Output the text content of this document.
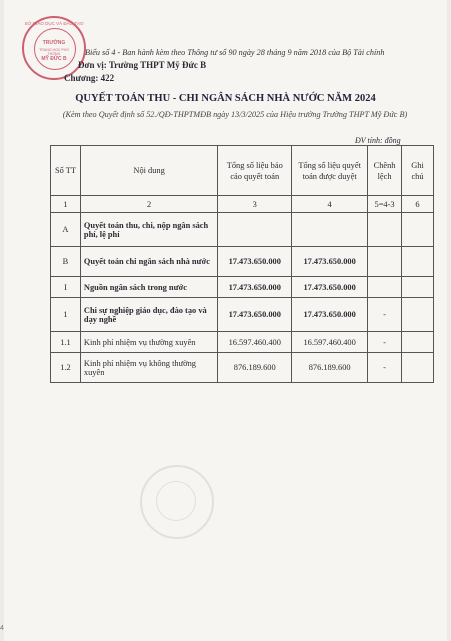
SỞ GIÁO DỤC VÀ ĐÀO TẠO
TRƯỜNG
TRUNG HỌC PHỔ THÔNG
MỸ ĐỨC B
Biểu số 4 - Ban hành kèm theo Thông tư số 90 ngày 28 tháng 9 năm 2018 của Bộ Tài chính
Đơn vị: Trường THPT Mỹ Đức B
Chương: 422
QUYẾT TOÁN THU - CHI NGÂN SÁCH NHÀ NƯỚC NĂM 2024
(Kèm theo Quyết định số 52./QĐ-THPTMĐB ngày 13/3/2025 của Hiệu trưởng Trường THPT Mỹ Đức B)
ĐV tính: đồng
Số TT	Nội dung	Tổng số liệu báo cáo quyết toán	Tổng số liệu quyết toán được duyệt	Chênh lệch	Ghi chú
1	2	3	4	5=4-3	6
A	Quyết toán thu, chi, nộp ngân sách phí, lệ phí				
B	Quyết toán chi ngân sách nhà nước	17.473.650.000	17.473.650.000		
I	Nguồn ngân sách trong nước	17.473.650.000	17.473.650.000		
1	Chi sự nghiệp giáo dục, đào tạo và dạy nghề	17.473.650.000	17.473.650.000	-	
1.1	Kinh phí nhiệm vụ thường xuyên	16.597.460.400	16.597.460.400	-	
1.2	Kinh phí nhiệm vụ không thường xuyên	876.189.600	876.189.600	-	
4
